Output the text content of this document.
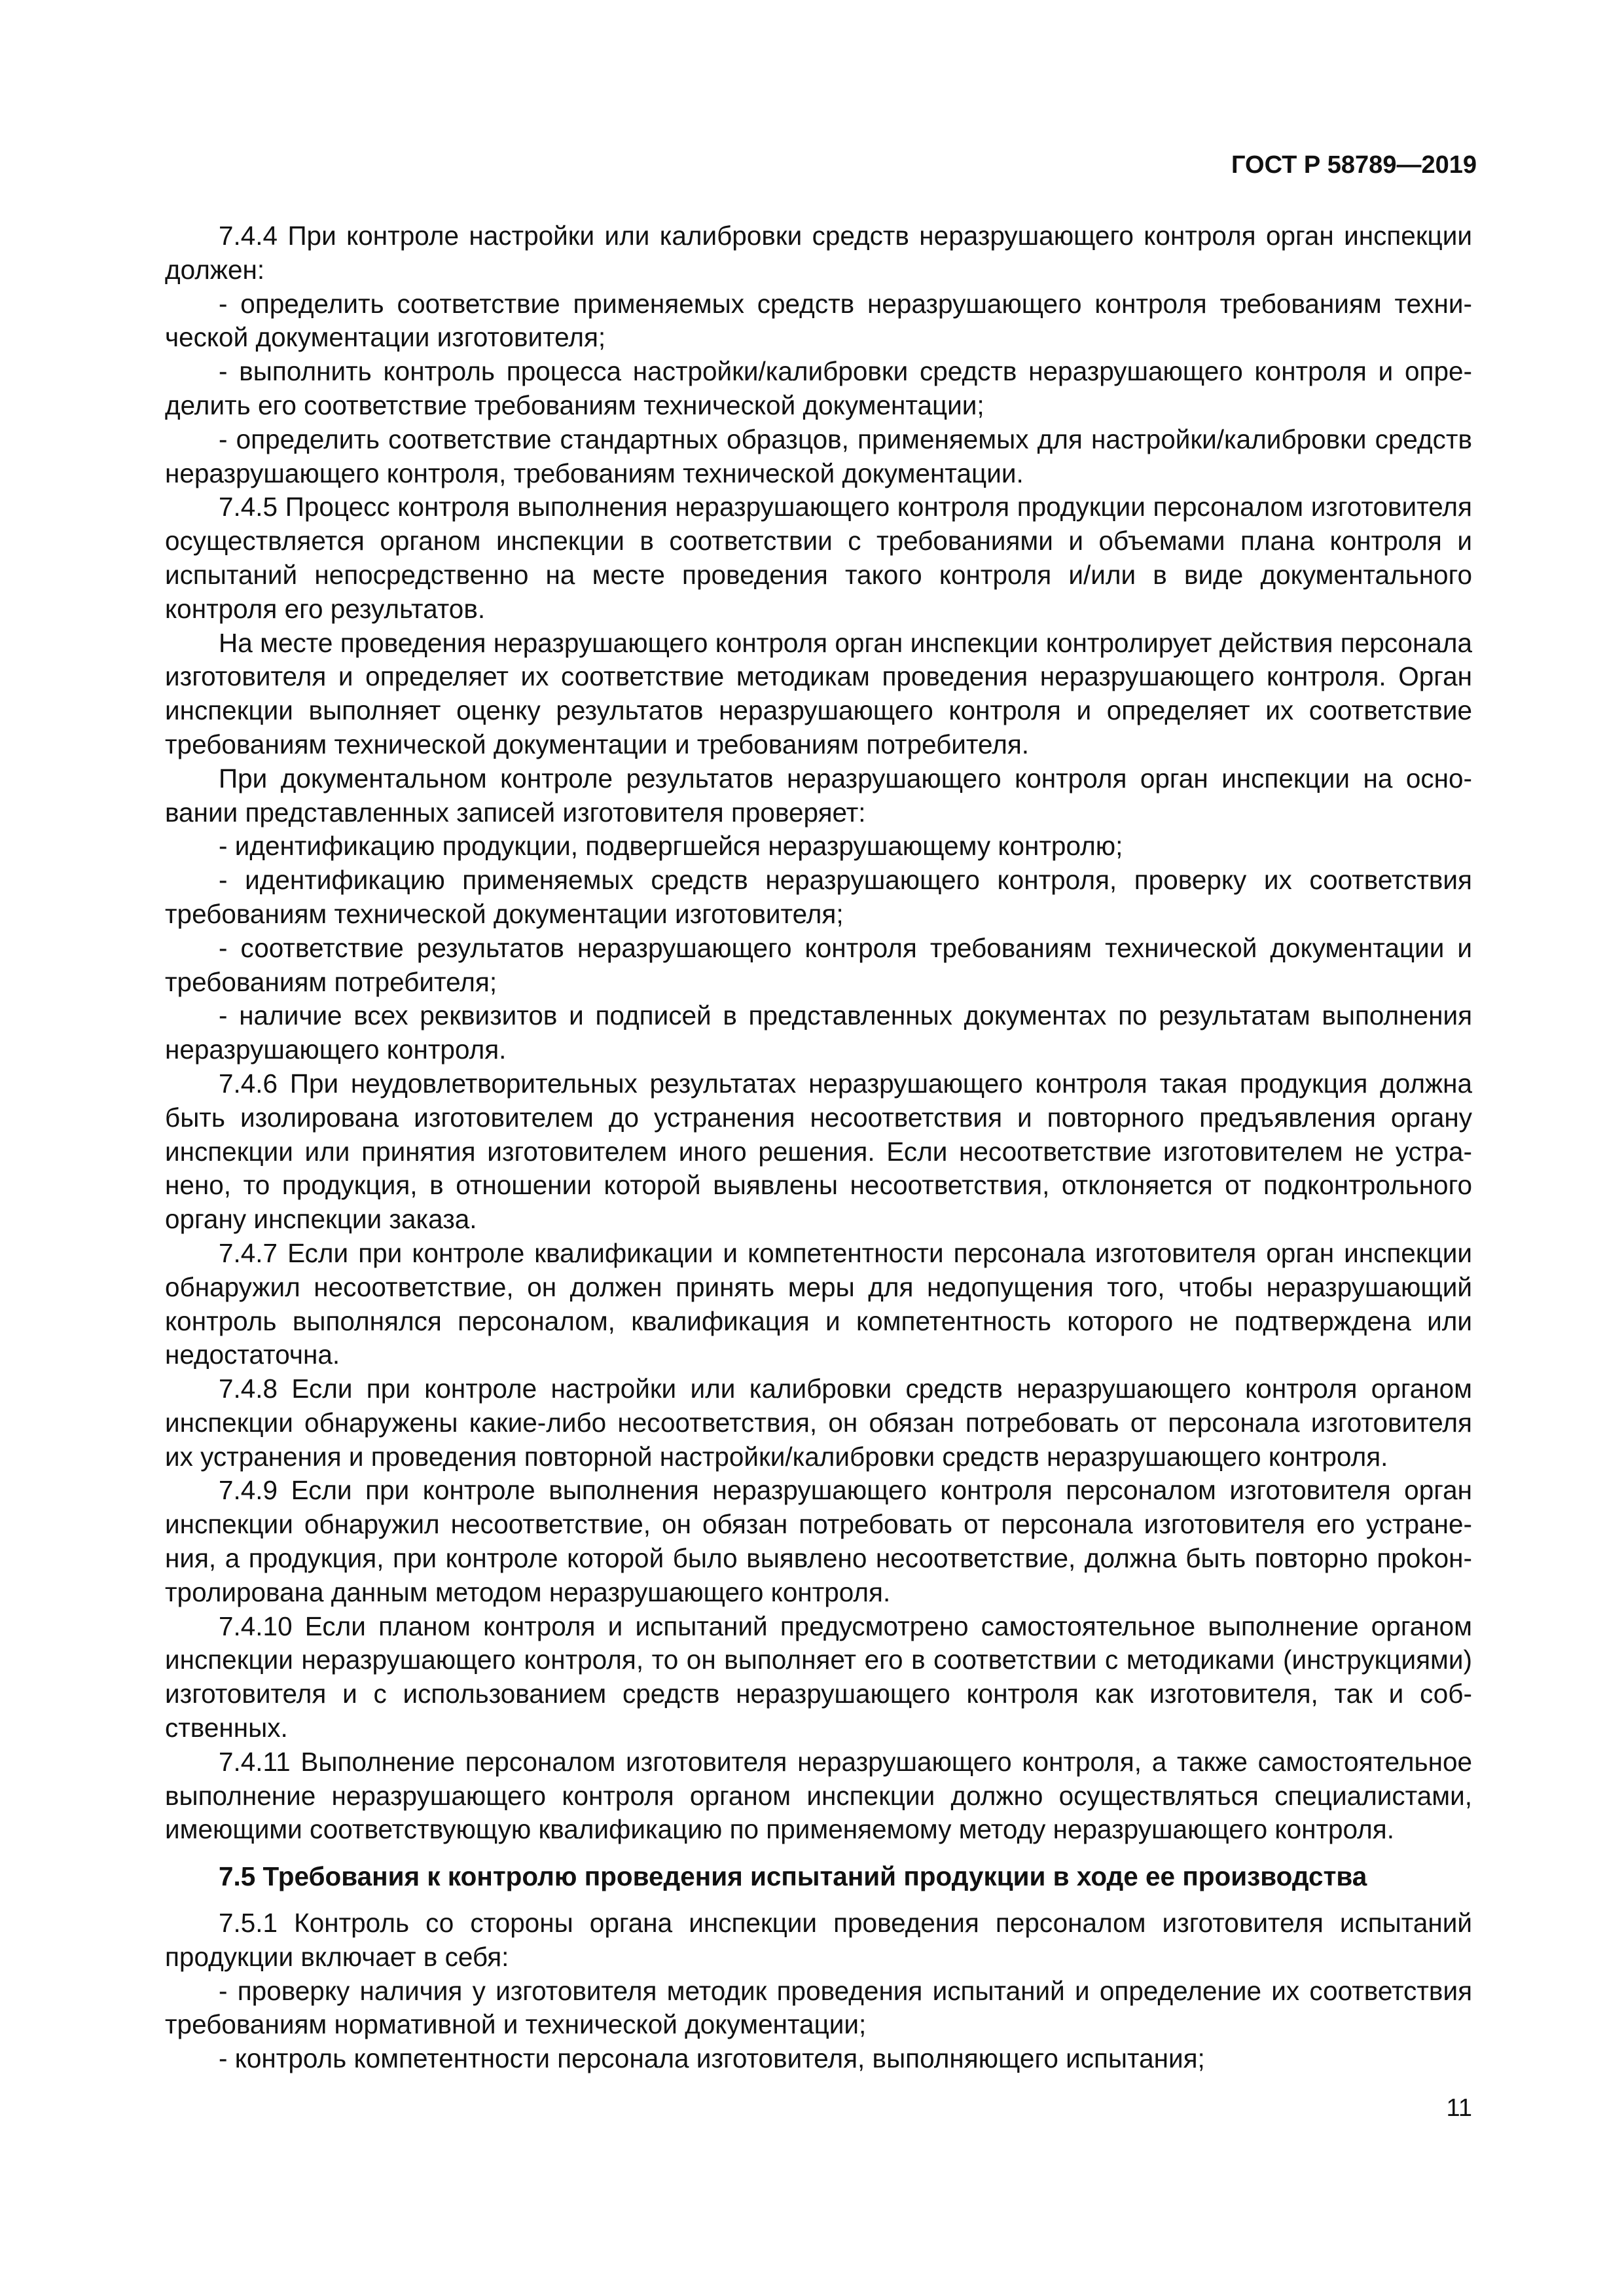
ГОСТ Р 58789—2019

7.4.4 При контроле настройки или калибровки средств неразрушающего контроля орган инспекции должен:

- определить соответствие применяемых средств неразрушающего контроля требованиям технической документации изготовителя;

- выполнить контроль процесса настройки/калибровки средств неразрушающего контроля и определить его соответствие требованиям технической документации;

- определить соответствие стандартных образцов, применяемых для настройки/калибровки средств неразрушающего контроля, требованиям технической документации.

7.4.5 Процесс контроля выполнения неразрушающего контроля продукции персоналом изготовителя осуществляется органом инспекции в соответствии с требованиями и объемами плана контроля и испытаний непосредственно на месте проведения такого контроля и/или в виде документального контроля его результатов.

На месте проведения неразрушающего контроля орган инспекции контролирует действия персонала изготовителя и определяет их соответствие методикам проведения неразрушающего контроля. Орган инспекции выполняет оценку результатов неразрушающего контроля и определяет их соответствие требованиям технической документации и требованиям потребителя.

При документальном контроле результатов неразрушающего контроля орган инспекции на основании представленных записей изготовителя проверяет:

- идентификацию продукции, подвергшейся неразрушающему контролю;

- идентификацию применяемых средств неразрушающего контроля, проверку их соответствия требованиям технической документации изготовителя;

- соответствие результатов неразрушающего контроля требованиям технической документации и требованиям потребителя;

- наличие всех реквизитов и подписей в представленных документах по результатам выполнения неразрушающего контроля.

7.4.6 При неудовлетворительных результатах неразрушающего контроля такая продукция должна быть изолирована изготовителем до устранения несоответствия и повторного предъявления органу инспекции или принятия изготовителем иного решения. Если несоответствие изготовителем не устранено, то продукция, в отношении которой выявлены несоответствия, отклоняется от подконтрольного органу инспекции заказа.

7.4.7 Если при контроле квалификации и компетентности персонала изготовителя орган инспекции обнаружил несоответствие, он должен принять меры для недопущения того, чтобы неразрушающий контроль выполнялся персоналом, квалификация и компетентность которого не подтверждена или недостаточна.

7.4.8 Если при контроле настройки или калибровки средств неразрушающего контроля органом инспекции обнаружены какие-либо несоответствия, он обязан потребовать от персонала изготовителя их устранения и проведения повторной настройки/калибровки средств неразрушающего контроля.

7.4.9 Если при контроле выполнения неразрушающего контроля персоналом изготовителя орган инспекции обнаружил несоответствие, он обязан потребовать от персонала изготовителя его устранения, а продукция, при контроле которой было выявлено несоответствие, должна быть повторно проkонтролирована данным методом неразрушающего контроля.

7.4.10 Если планом контроля и испытаний предусмотрено самостоятельное выполнение органом инспекции неразрушающего контроля, то он выполняет его в соответствии с методиками (инструкциями) изготовителя и с использованием средств неразрушающего контроля как изготовителя, так и собственных.

7.4.11 Выполнение персоналом изготовителя неразрушающего контроля, а также самостоятельное выполнение неразрушающего контроля органом инспекции должно осуществляться специалистами, имеющими соответствующую квалификацию по применяемому методу неразрушающего контроля.

7.5 Требования к контролю проведения испытаний продукции в ходе ее производства

7.5.1 Контроль со стороны органа инспекции проведения персоналом изготовителя испытаний продукции включает в себя:

- проверку наличия у изготовителя методик проведения испытаний и определение их соответствия требованиям нормативной и технической документации;

- контроль компетентности персонала изготовителя, выполняющего испытания;

11
